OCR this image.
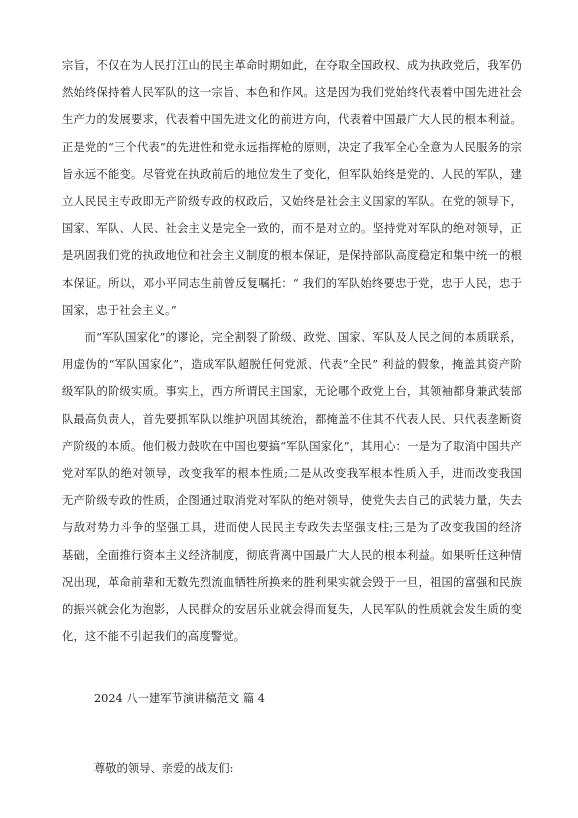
宗旨，不仅在为人民打江山的民主革命时期如此，在夺取全国政权、成为执政党后，我军仍然始终保持着人民军队的这一宗旨、本色和作风。这是因为我们党始终代表着中国先进社会生产力的发展要求，代表着中国先进文化的前进方向，代表着中国最广大人民的根本利益。正是党的“三个代表”的先进性和党永远指挥枪的原则，决定了我军全心全意为人民服务的宗旨永远不能变。尽管党在执政前后的地位发生了变化，但军队始终是党的、人民的军队，建立人民民主专政即无产阶级专政的权政后，又始终是社会主义国家的军队。在党的领导下，国家、军队、人民、社会主义是完全一致的，而不是对立的。坚持党对军队的绝对领导，正是巩固我们党的执政地位和社会主义制度的根本保证，是保持部队高度稳定和集中统一的根本保证。所以，邓小平同志生前曾反复嘱托：“ 我们的军队始终要忠于党，忠于人民，忠于国家，忠于社会主义。”

而“军队国家化”的谬论，完全割裂了阶级、政党、国家、军队及人民之间的本质联系，用虚伪的“军队国家化”，造成军队超脱任何党派、代表“全民” 利益的假象，掩盖其资产阶级军队的阶级实质。事实上，西方所谓民主国家，无论哪个政党上台，其领袖都身兼武装部队最高负责人，首先要抓军队以维护巩固其统治，都掩盖不住其不代表人民、只代表垄断资产阶级的本质。他们极力鼓吹在中国也要搞“军队国家化”，其用心：一是为了取消中国共产党对军队的绝对领导，改变我军的根本性质;二是从改变我军根本性质入手，进而改变我国无产阶级专政的性质，企图通过取消党对军队的绝对领导，使党失去自己的武装力量，失去与敌对势力斗争的坚强工具，进而使人民民主专政失去坚强支柱;三是为了改变我国的经济基础，全面推行资本主义经济制度，彻底背离中国最广大人民的根本利益。如果听任这种情况出现，革命前辈和无数先烈流血牺牲所换来的胜利果实就会毁于一旦，祖国的富强和民族的振兴就会化为泡影，人民群众的安居乐业就会得而复失，人民军队的性质就会发生质的变化，这不能不引起我们的高度警觉。

2024 八一建军节演讲稿范文 篇 4

尊敬的领导、亲爱的战友们:
